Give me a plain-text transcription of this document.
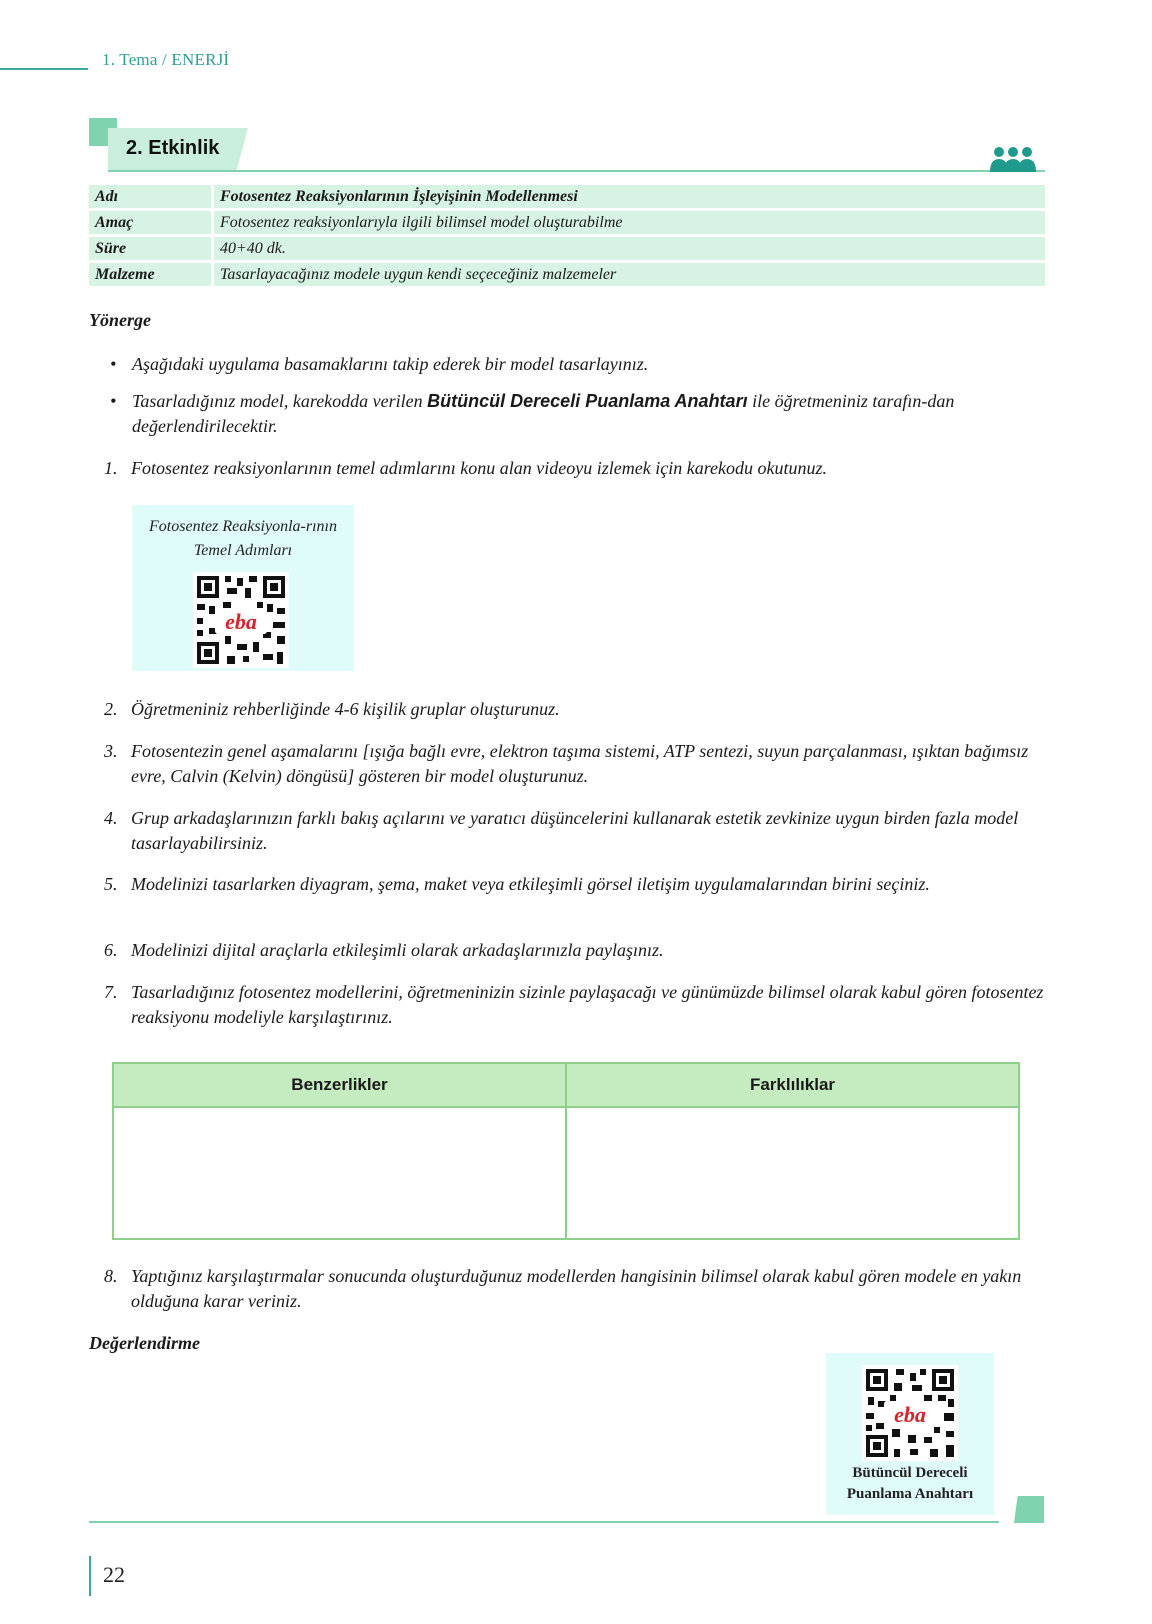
1. Tema / ENERJİ
2. Etkinlik
Adı	Fotosentez Reaksiyonlarının İşleyişinin Modellenmesi
Amaç	Fotosentez reaksiyonlarıyla ilgili bilimsel model oluşturabilme
Süre	40+40 dk.
Malzeme	Tasarlayacağınız modele uygun kendi seçeceğiniz malzemeler
Yönerge
• Aşağıdaki uygulama basamaklarını takip ederek bir model tasarlayınız.
• Tasarladığınız model, karekodda verilen Bütüncül Dereceli Puanlama Anahtarı ile öğretmeniniz tarafın-dan değerlendirilecektir.
1. Fotosentez reaksiyonlarının temel adımlarını konu alan videoyu izlemek için karekodu okutunuz.
Fotosentez Reaksiyonla-rının Temel Adımları
eba
2. Öğretmeniniz rehberliğinde 4-6 kişilik gruplar oluşturunuz.
3. Fotosentezin genel aşamalarını [ışığa bağlı evre, elektron taşıma sistemi, ATP sentezi, suyun parçalanması, ışıktan bağımsız evre, Calvin (Kelvin) döngüsü] gösteren bir model oluşturunuz.
4. Grup arkadaşlarınızın farklı bakış açılarını ve yaratıcı düşüncelerini kullanarak estetik zevkinize uygun birden fazla model tasarlayabilirsiniz.
5. Modelinizi tasarlarken diyagram, şema, maket veya etkileşimli görsel iletişim uygulamalarından birini seçiniz.
6. Modelinizi dijital araçlarla etkileşimli olarak arkadaşlarınızla paylaşınız.
7. Tasarladığınız fotosentez modellerini, öğretmeninizin sizinle paylaşacağı ve günümüzde bilimsel olarak kabul gören fotosentez reaksiyonu modeliyle karşılaştırınız.
Benzerlikler	Farklılıklar
8. Yaptığınız karşılaştırmalar sonucunda oluşturduğunuz modellerden hangisinin bilimsel olarak kabul gören modele en yakın olduğuna karar veriniz.
Değerlendirme
eba
Bütüncül Dereceli
Puanlama Anahtarı
22
